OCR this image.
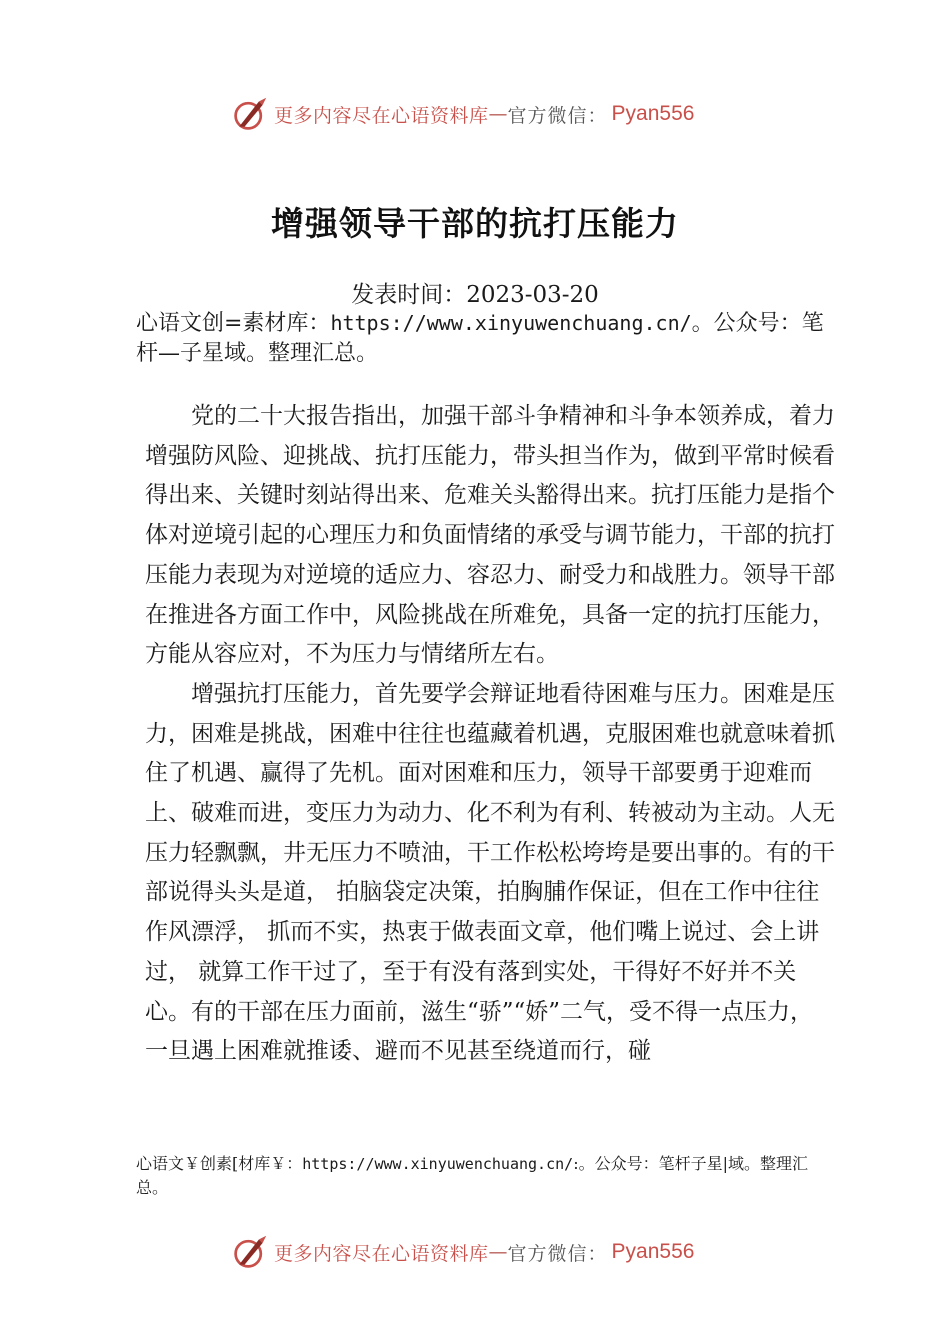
更多内容尽在心语资料库 — 官方微信： Pyan556
增强领导干部的抗打压能力
发表时间：2023-03-20
心语文创=素材库：https://www.xinyuwenchuang.cn/。公众号：笔杆—子星域。整理汇总。

党的二十大报告指出，加强干部斗争精神和斗争本领养成，着力增强防风险、迎挑战、抗打压能力，带头担当作为，做到平常时候看得出来、关键时刻站得出来、危难关头豁得出来。抗打压能力是指个体对逆境引起的心理压力和负面情绪的承受与调节能力，干部的抗打压能力表现为对逆境的适应力、容忍力、耐受力和战胜力。领导干部在推进各方面工作中，风险挑战在所难免，具备一定的抗打压能力，方能从容应对，不为压力与情绪所左右。

增强抗打压能力，首先要学会辩证地看待困难与压力。困难是压力，困难是挑战，困难中往往也蕴藏着机遇，克服困难也就意味着抓住了机遇、赢得了先机。面对困难和压力，领导干部要勇于迎难而上、破难而进，变压力为动力、化不利为有利、转被动为主动。人无压力轻飘飘，井无压力不喷油，干工作松松垮垮是要出事的。有的干部说得头头是道， 拍脑袋定决策，拍胸脯作保证，但在工作中往往作风漂浮， 抓而不实，热衷于做表面文章，他们嘴上说过、会上讲过， 就算工作干过了，至于有没有落到实处，干得好不好并不关心。有的干部在压力面前，滋生“骄”“娇”二气，受不得一点压力，一旦遇上困难就推诿、避而不见甚至绕道而行，碰

心语文￥创素[材库￥：https://www.xinyuwenchuang.cn/:。公众号：笔杆子星|域。整理汇总。
更多内容尽在心语资料库 — 官方微信： Pyan556
